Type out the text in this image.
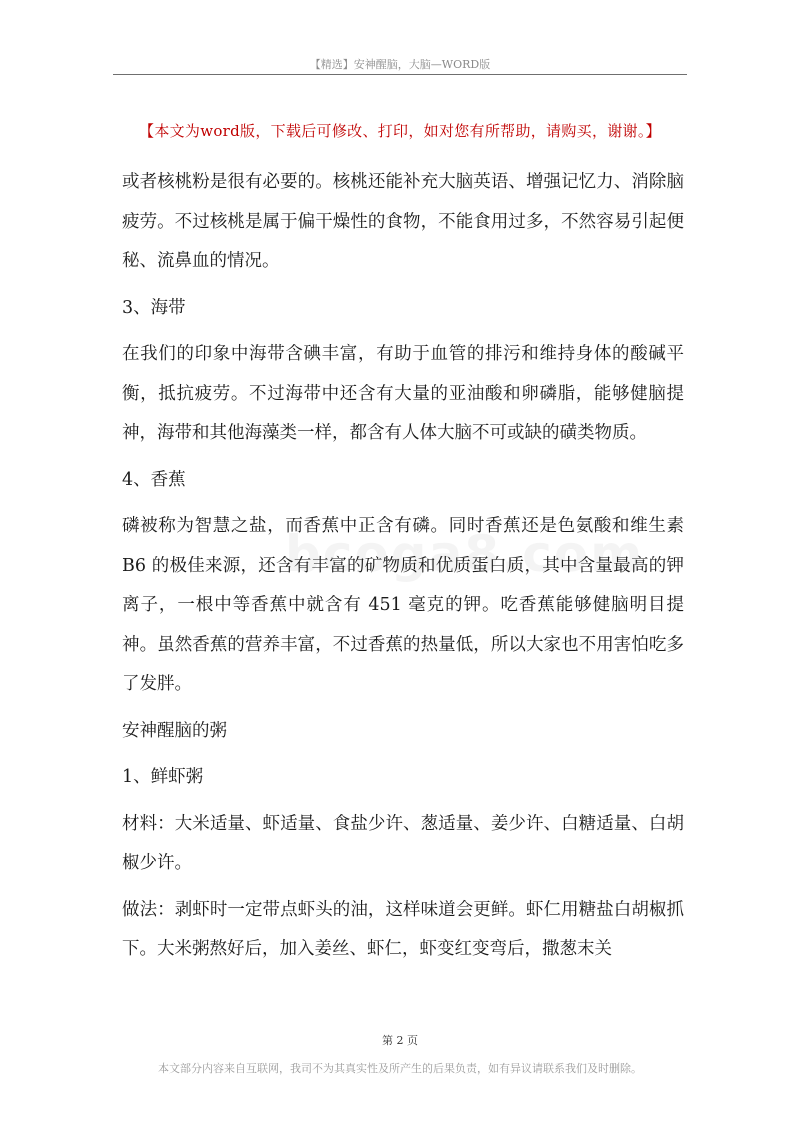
【精选】安神醒脑，大脑—WORD版
【本文为word版，下载后可修改、打印，如对您有所帮助，请购买，谢谢。】

或者核桃粉是很有必要的。核桃还能补充大脑英语、增强记忆力、消除脑疲劳。不过核桃是属于偏干燥性的食物，不能食用过多，不然容易引起便秘、流鼻血的情况。

3、海带

在我们的印象中海带含碘丰富，有助于血管的排污和维持身体的酸碱平衡，抵抗疲劳。不过海带中还含有大量的亚油酸和卵磷脂，能够健脑提神，海带和其他海藻类一样，都含有人体大脑不可或缺的磺类物质。

4、香蕉

磷被称为智慧之盐，而香蕉中正含有磷。同时香蕉还是色氨酸和维生素 B6 的极佳来源，还含有丰富的矿物质和优质蛋白质，其中含量最高的钾离子，一根中等香蕉中就含有 451 毫克的钾。吃香蕉能够健脑明目提神。虽然香蕉的营养丰富，不过香蕉的热量低，所以大家也不用害怕吃多了发胖。

安神醒脑的粥

1、鲜虾粥

材料：大米适量、虾适量、食盐少许、葱适量、姜少许、白糖适量、白胡椒少许。

做法：剥虾时一定带点虾头的油，这样味道会更鲜。虾仁用糖盐白胡椒抓下。大米粥熬好后，加入姜丝、虾仁，虾变红变弯后，撒葱末关

第 2 页
本文部分内容来自互联网，我司不为其真实性及所产生的后果负责，如有异议请联系我们及时删除。
